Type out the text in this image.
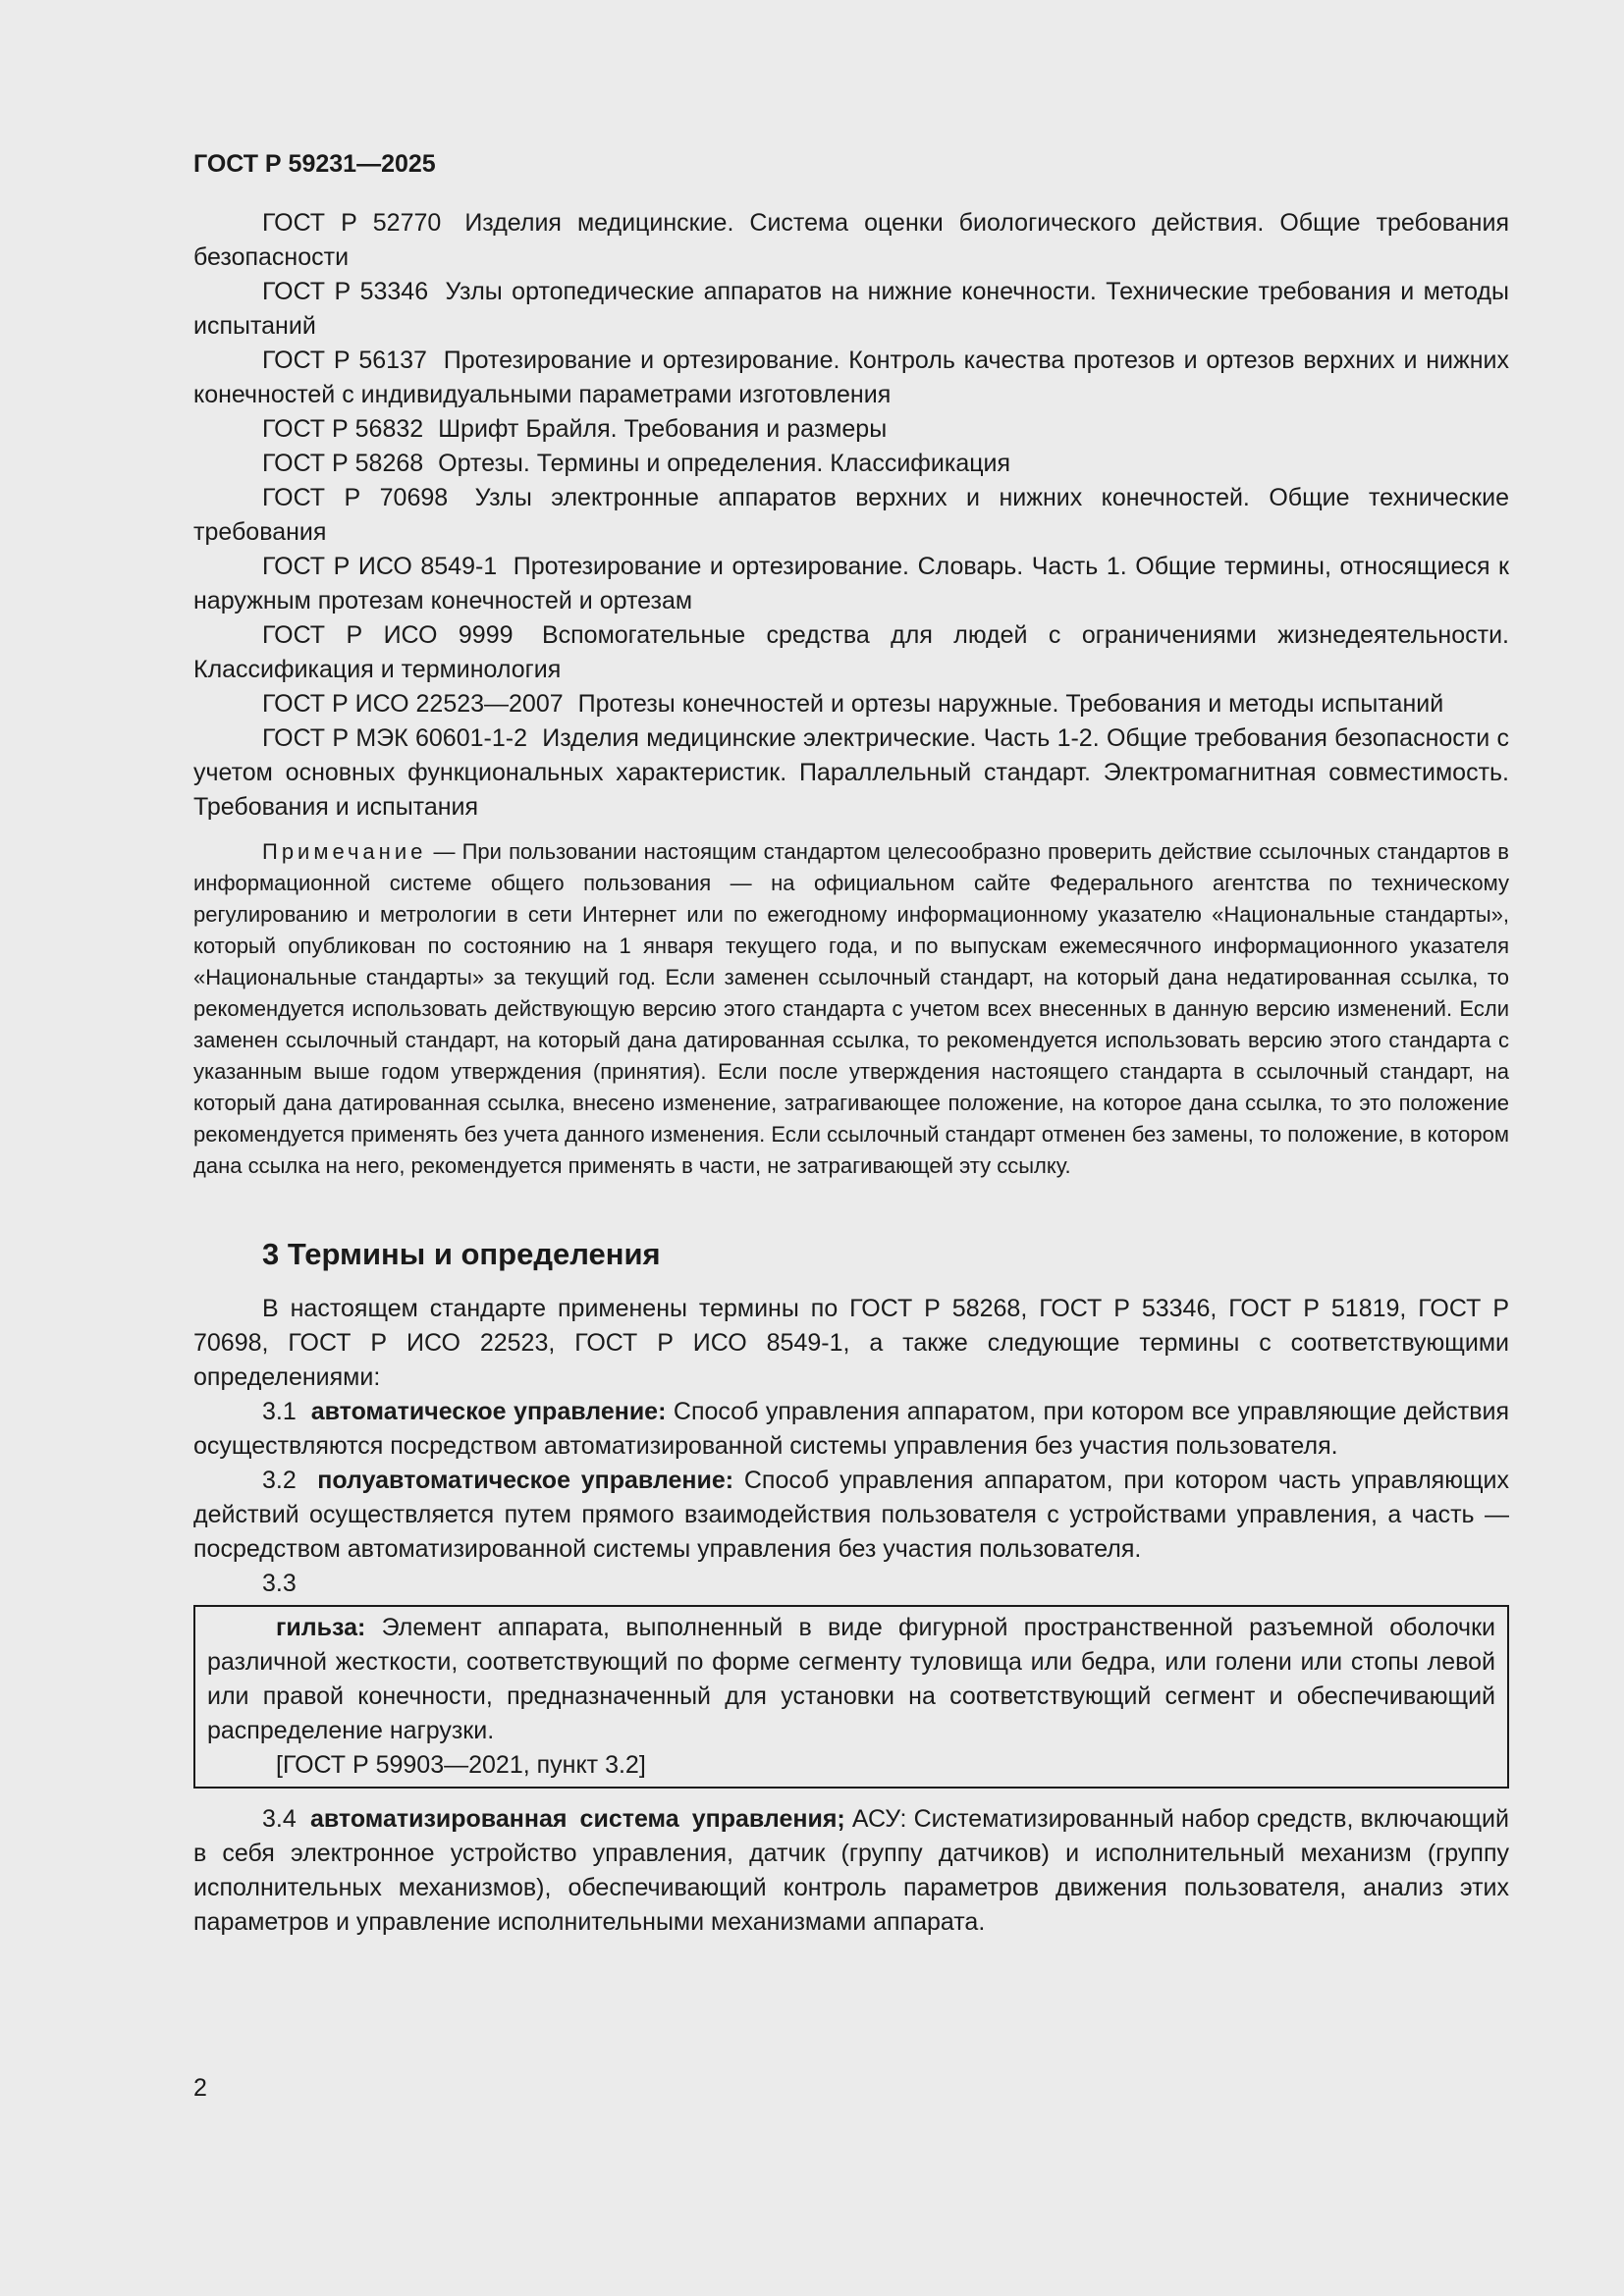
ГОСТ Р 59231—2025

ГОСТ Р 52770 Изделия медицинские. Система оценки биологического действия. Общие требования безопасности

ГОСТ Р 53346 Узлы ортопедические аппаратов на нижние конечности. Технические требования и методы испытаний

ГОСТ Р 56137 Протезирование и ортезирование. Контроль качества протезов и ортезов верхних и нижних конечностей с индивидуальными параметрами изготовления

ГОСТ Р 56832 Шрифт Брайля. Требования и размеры

ГОСТ Р 58268 Ортезы. Термины и определения. Классификация

ГОСТ Р 70698 Узлы электронные аппаратов верхних и нижних конечностей. Общие технические требования

ГОСТ Р ИСО 8549-1 Протезирование и ортезирование. Словарь. Часть 1. Общие термины, относящиеся к наружным протезам конечностей и ортезам

ГОСТ Р ИСО 9999 Вспомогательные средства для людей с ограничениями жизнедеятельности. Классификация и терминология

ГОСТ Р ИСО 22523—2007 Протезы конечностей и ортезы наружные. Требования и методы испытаний

ГОСТ Р МЭК 60601-1-2 Изделия медицинские электрические. Часть 1-2. Общие требования безопасности с учетом основных функциональных характеристик. Параллельный стандарт. Электромагнитная совместимость. Требования и испытания

Примечание — При пользовании настоящим стандартом целесообразно проверить действие ссылочных стандартов в информационной системе общего пользования — на официальном сайте Федерального агентства по техническому регулированию и метрологии в сети Интернет или по ежегодному информационному указателю «Национальные стандарты», который опубликован по состоянию на 1 января текущего года, и по выпускам ежемесячного информационного указателя «Национальные стандарты» за текущий год. Если заменен ссылочный стандарт, на который дана недатированная ссылка, то рекомендуется использовать действующую версию этого стандарта с учетом всех внесенных в данную версию изменений. Если заменен ссылочный стандарт, на который дана датированная ссылка, то рекомендуется использовать версию этого стандарта с указанным выше годом утверждения (принятия). Если после утверждения настоящего стандарта в ссылочный стандарт, на который дана датированная ссылка, внесено изменение, затрагивающее положение, на которое дана ссылка, то это положение рекомендуется применять без учета данного изменения. Если ссылочный стандарт отменен без замены, то положение, в котором дана ссылка на него, рекомендуется применять в части, не затрагивающей эту ссылку.

3 Термины и определения

В настоящем стандарте применены термины по ГОСТ Р 58268, ГОСТ Р 53346, ГОСТ Р 51819, ГОСТ Р 70698, ГОСТ Р ИСО 22523, ГОСТ Р ИСО 8549-1, а также следующие термины с соответствующими определениями:

3.1 автоматическое управление: Способ управления аппаратом, при котором все управляющие действия осуществляются посредством автоматизированной системы управления без участия пользователя.

3.2 полуавтоматическое управление: Способ управления аппаратом, при котором часть управляющих действий осуществляется путем прямого взаимодействия пользователя с устройствами управления, а часть — посредством автоматизированной системы управления без участия пользователя.

3.3

гильза: Элемент аппарата, выполненный в виде фигурной пространственной разъемной оболочки различной жесткости, соответствующий по форме сегменту туловища или бедра, или голени или стопы левой или правой конечности, предназначенный для установки на соответствующий сегмент и обеспечивающий распределение нагрузки.

[ГОСТ Р 59903—2021, пункт 3.2]

3.4 автоматизированная система управления; АСУ: Систематизированный набор средств, включающий в себя электронное устройство управления, датчик (группу датчиков) и исполнительный механизм (группу исполнительных механизмов), обеспечивающий контроль параметров движения пользователя, анализ этих параметров и управление исполнительными механизмами аппарата.

2
